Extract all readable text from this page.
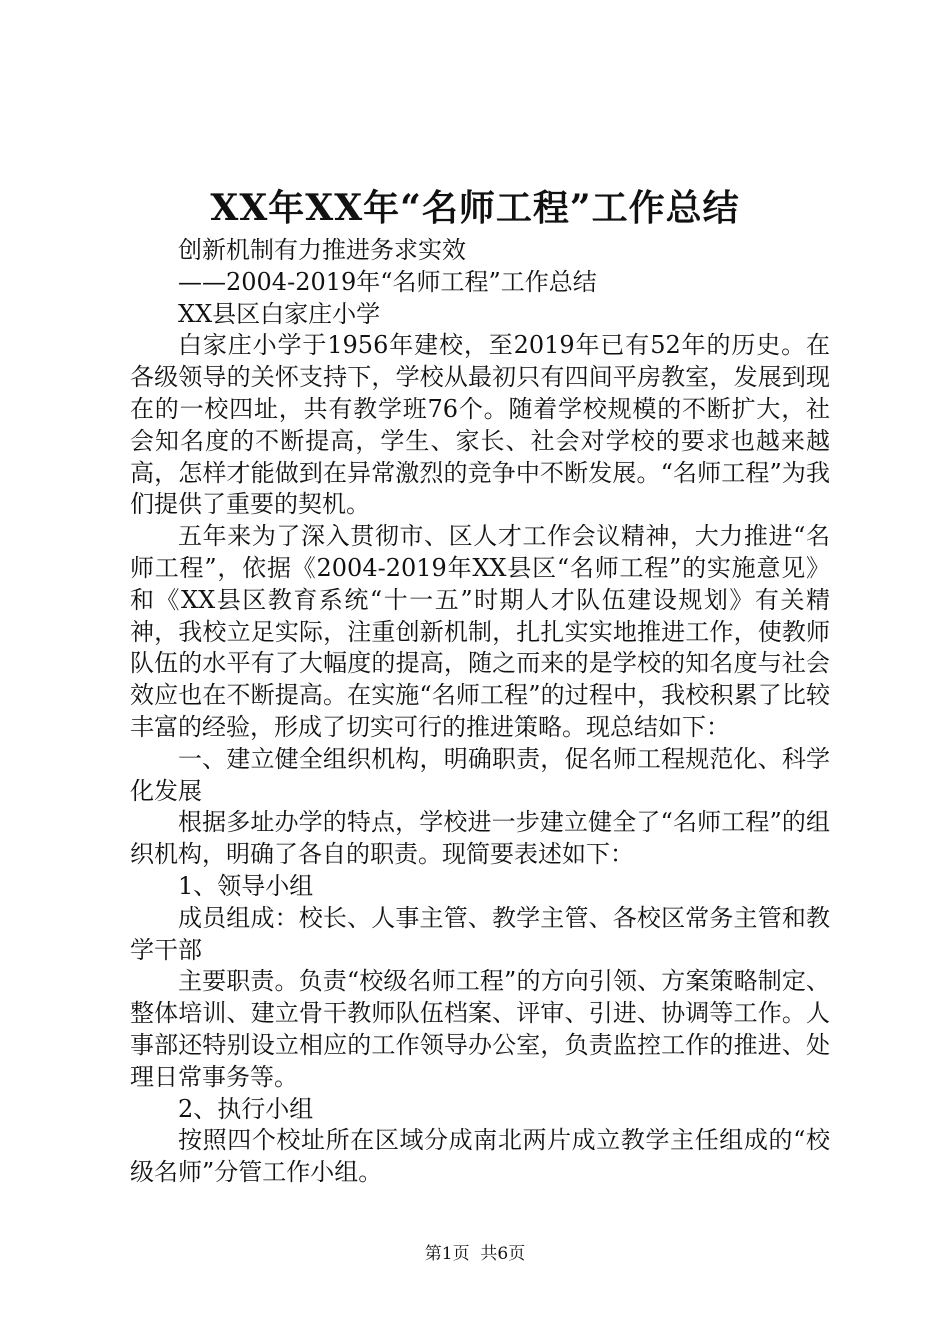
XX年XX年“名师工程”工作总结

创新机制有力推进务求实效

——2004-2019年“名师工程”工作总结

XX县区白家庄小学

白家庄小学于1956年建校，至2019年已有52年的历史。在各级领导的关怀支持下，学校从最初只有四间平房教室，发展到现在的一校四址，共有教学班76个。随着学校规模的不断扩大，社会知名度的不断提高，学生、家长、社会对学校的要求也越来越高，怎样才能做到在异常激烈的竞争中不断发展。“名师工程”为我们提供了重要的契机。

五年来为了深入贯彻市、区人才工作会议精神，大力推进“名师工程”，依据《2004-2019年XX县区“名师工程”的实施意见》和《XX县区教育系统“十一五”时期人才队伍建设规划》有关精神，我校立足实际，注重创新机制，扎扎实实地推进工作，使教师队伍的水平有了大幅度的提高，随之而来的是学校的知名度与社会效应也在不断提高。在实施“名师工程”的过程中，我校积累了比较丰富的经验，形成了切实可行的推进策略。现总结如下：

一、建立健全组织机构，明确职责，促名师工程规范化、科学化发展

根据多址办学的特点，学校进一步建立健全了“名师工程”的组织机构，明确了各自的职责。现简要表述如下：

1、领导小组

成员组成：校长、人事主管、教学主管、各校区常务主管和教学干部

主要职责。负责“校级名师工程”的方向引领、方案策略制定、整体培训、建立骨干教师队伍档案、评审、引进、协调等工作。人事部还特别设立相应的工作领导办公室，负责监控工作的推进、处理日常事务等。

2、执行小组

按照四个校址所在区域分成南北两片成立教学主任组成的“校级名师”分管工作小组。

第1页  共6页
